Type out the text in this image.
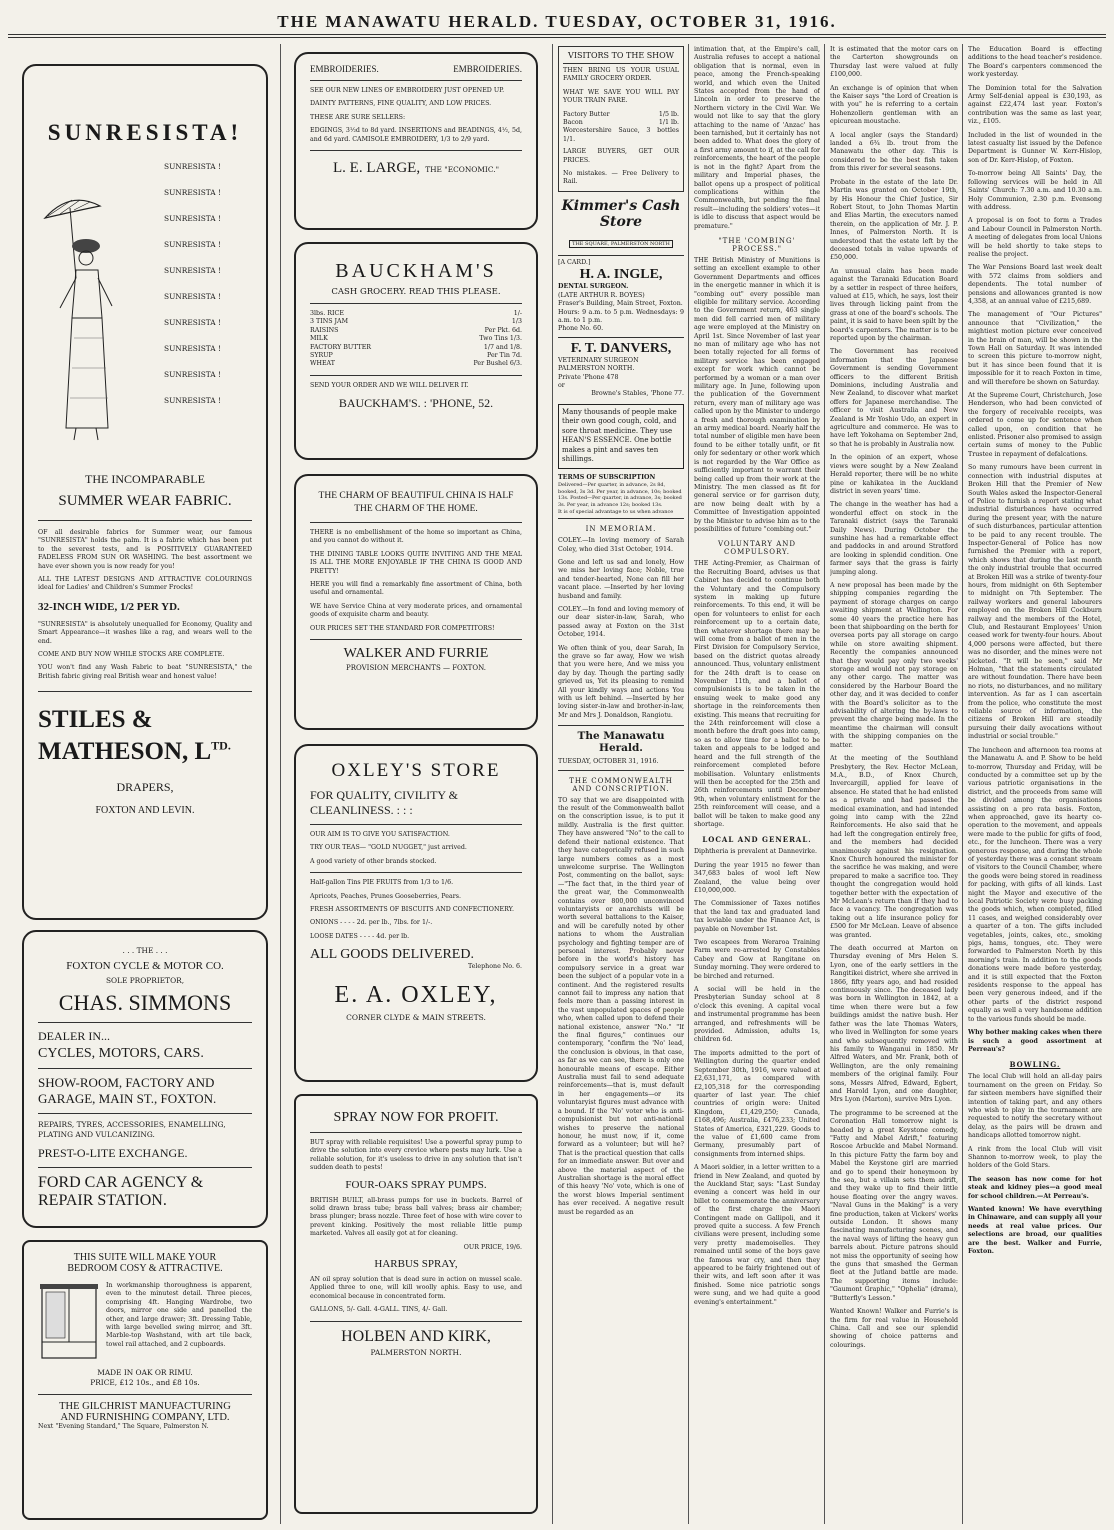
THE MANAWATU HERALD. TUESDAY, OCTOBER 31, 1916.
SUNRESISTA!
SUNRESISTA !
SUNRESISTA !
SUNRESISTA !
SUNRESISTA !
SUNRESISTA !
SUNRESISTA !
SUNRESISTA !
SUNRESISTA !
SUNRESISTA !
SUNRESISTA !
THE INCOMPARABLE
SUMMER WEAR FABRIC.
OF all desirable fabrics for Summer wear, our famous "SUNRESISTA" holds the palm. It is a fabric which has been put to the severest tests, and is POSITIVELY GUARANTEED FADELESS FROM SUN OR WASHING. The best assortment we have ever shown you is now ready for you!
ALL THE LATEST DESIGNS AND ATTRACTIVE COLOURINGS ideal for Ladies' and Children's Summer Frocks!
32-INCH WIDE, 1/2 PER YD.
"SUNRESISTA" is absolutely unequalled for Economy, Quality and Smart Appearance—it washes like a rag, and wears well to the end.
COME AND BUY NOW WHILE STOCKS ARE COMPLETE.
YOU won't find any Wash Fabric to beat "SUNRESISTA," the British fabric giving real British wear and honest value!
STILES &
MATHESON, $L^{TD.}$
DRAPERS,
FOXTON AND LEVIN.
. . . THE . . .
FOXTON CYCLE & MOTOR CO.
SOLE PROPRIETOR,
CHAS. SIMMONS
DEALER IN...
CYCLES, MOTORS, CARS.
SHOW-ROOM, FACTORY AND
GARAGE, MAIN ST., FOXTON.
REPAIRS, TYRES, ACCESSORIES, ENAMELLING, PLATING AND VULCANIZING.
PREST-O-LITE EXCHANGE.
FORD CAR AGENCY &
REPAIR STATION.
THIS SUITE WILL MAKE YOUR
BEDROOM COSY & ATTRACTIVE.
In workmanship thoroughness is apparent, even to the minutest detail. Three pieces, comprising 4ft. Hanging Wardrobe, two doors, mirror one side and panelled the other, and large drawer; 3ft. Dressing Table, with large bevelled swing mirror, and 3ft. Marble-top Washstand, with art tile back, towel rail attached, and 2 cupboards.
MADE IN OAK OR RIMU.
PRICE, £12 10s., and £8 10s.
THE GILCHRIST MANUFACTURING
AND FURNISHING COMPANY, LTD.
Next "Evening Standard," The Square, Palmerston N.
EMBROIDERIES.	EMBROIDERIES.
SEE OUR NEW LINES OF EMBROIDERY JUST OPENED UP.
DAINTY PATTERNS, FINE QUALITY, AND LOW PRICES.
THESE ARE SURE SELLERS:
EDGINGS, 3½d to 8d yard. INSERTIONS and BEADINGS, 4½, 5d, and 6d yard. CAMISOLE EMBROIDERY, 1/3 to 2/9 yard.
L. E. LARGE, THE "ECONOMIC."
BAUCKHAM'S
CASH GROCERY. READ THIS PLEASE.
3lbs. RICE	1/-
3 TINS JAM	1/3
RAISINS	Per Pkt. 6d.
MILK	Two Tins 1/3.
FACTORY BUTTER	1/7 and 1/8.
SYRUP	Per Tin 7d.
WHEAT	Per Bushel 6/3.
SEND YOUR ORDER AND WE WILL DELIVER IT.
BAUCKHAM'S. : 'PHONE, 52.
THE CHARM OF BEAUTIFUL CHINA IS HALF THE CHARM OF THE HOME.
THERE is no embellishment of the home so important as China, and you cannot do without it.
THE DINING TABLE LOOKS QUITE INVITING AND THE MEAL IS ALL THE MORE ENJOYABLE IF THE CHINA IS GOOD AND PRETTY!
HERE you will find a remarkably fine assortment of China, both useful and ornamental.
WE have Service China at very moderate prices, and ornamental goods of exquisite charm and beauty.
OUR PRICES SET THE STANDARD FOR COMPETITORS!
WALKER AND FURRIE
PROVISION MERCHANTS — FOXTON.
OXLEY'S STORE
FOR QUALITY, CIVILITY & CLEANLINESS. : : :
OUR AIM IS TO GIVE YOU SATISFACTION.
TRY OUR TEAS— "GOLD NUGGET," just arrived.
A good variety of other brands stocked.
Half-gallon Tins PIE FRUITS from 1/3 to 1/6.
Apricots, Peaches, Prunes Gooseberries, Pears.
FRESH ASSORTMENTS OF BISCUITS AND CONFECTIONERY.
ONIONS - - - - 2d. per lb., 7lbs. for 1/-.
LOOSE DATES - - - - 4d. per lb.
ALL GOODS DELIVERED.
Telephone No. 6.
E. A. OXLEY,
CORNER CLYDE & MAIN STREETS.
SPRAY NOW FOR PROFIT.
BUT spray with reliable requisites! Use a powerful spray pump to drive the solution into every crevice where pests may lurk. Use a reliable solution, for it's useless to drive in any solution that isn't sudden death to pests!
FOUR-OAKS SPRAY PUMPS.
BRITISH BUILT, all-brass pumps for use in buckets. Barrel of solid drawn brass tube; brass ball valves; brass air chamber; brass plunger; brass nozzle. Three feet of hose with wire cover to prevent kinking. Positively the most reliable little pump marketed. Valves all easily got at for cleaning.
OUR PRICE, 19/6.
HARBUS SPRAY,
AN oil spray solution that is dead sure in action on mussel scale. Applied three to one, will kill woolly aphis. Easy to use, and economical because in concentrated form.
GALLONS, 5/- Gall. 4-GALL. TINS, 4/- Gall.
HOLBEN AND KIRK,
PALMERSTON NORTH.
VISITORS TO THE SHOW
THEN BRING US YOUR USUAL FAMILY GROCERY ORDER.
WHAT WE SAVE YOU WILL PAY YOUR TRAIN FARE.
Factory Butter	1/5 lb.
Bacon	1/1 lb.
Worcestershire Sauce, 3 bottles 1/1.
LARGE BUYERS, GET OUR PRICES.
No mistakes. — Free Delivery to Rail.
Kimmer's Cash Store
THE SQUARE, PALMERSTON NORTH
[A CARD.]
H. A. INGLE,
DENTAL SURGEON.
(LATE ARTHUR R. BOYES)
Fraser's Building, Main Street, Foxton.
Hours: 9 a.m. to 5 p.m. Wednesdays: 9 a.m. to 1 p.m.
Phone No. 60.
F. T. DANVERS,
VETERINARY SURGEON
PALMERSTON NORTH.
Private 'Phone 478
or
Browne's Stables, 'Phone 77.
Many thousands of people make their own good cough, cold, and sore throat medicine. They use HEAN'S ESSENCE. One bottle makes a pint and saves ten shillings.
TERMS OF SUBSCRIPTION
Delivered—Per quarter, in advance, 2s 8d, booked, 3s 3d. Per year, in advance, 10s; booked 13s. Posted—Per quarter, in advance, 3s; booked 3s. Per year, in advance 12s; booked 13s.
It is of special advantage to us when advance
IN MEMORIAM.
COLEY.—In loving memory of Sarah Coley, who died 31st October, 1914.
Gone and left us sad and lonely, How we miss her loving face; Noble, true and tender-hearted, None can fill her vacant place. —Inserted by her loving husband and family.
COLEY.—In fond and loving memory of our dear sister-in-law, Sarah, who passed away at Foxton on the 31st October, 1914.
We often think of you, dear Sarah, In the grave so far away, How we wish that you were here, And we miss you day by day. Though the parting sadly grieved us, Yet its pleasing to remind All your kindly ways and actions You with us left behind. —Inserted by her loving sister-in-law and brother-in-law, Mr and Mrs J. Donaldson, Rangiotu.
The Manawatu Herald.
TUESDAY, OCTOBER 31, 1916.
THE COMMONWEALTH AND CONSCRIPTION.
TO say that we are disappointed with the result of the Commonwealth ballot on the conscription issue, is to put it mildly. Australia is the first quitter. They have answered "No" to the call to defend their national existence. That they have categorically refused in such large numbers comes as a most unwelcome surprise. The Wellington Post, commenting on the ballot, says:—"The fact that, in the third year of the great war, the Commonwealth contains over 800,000 unconvinced voluntaryists or anarchists will be worth several battalions to the Kaiser, and will be carefully noted by other nations to whom the Australian psychology and fighting temper are of personal interest. Probably never before in the world's history has compulsory service in a great war been the subject of a popular vote in a continent. And the registered results cannot fail to impress any nation that feels more than a passing interest in the vast unpopulated spaces of people who, when called upon to defend their national existence, answer "No." "If the final figures," continues our contemporary, "confirm the 'No' lead, the conclusion is obvious, in that case, as far as we can see, there is only one honourable means of escape. Either Australia must fail to send adequate reinforcements—that is, must default in her engagements—or its voluntaryist figures must advance with a bound. If the 'No' voter who is anti-compulsionist but not anti-national wishes to preserve the national honour, he must now, if it, come forward as a volunteer; but will he? That is the practical question that calls for an immediate answer. But over and above the material aspect of the Australian shortage is the moral effect of this heavy 'No' vote, which is one of the worst blows Imperial sentiment has ever received. A negative result must be regarded as an
intimation that, at the Empire's call, Australia refuses to accept a national obligation that is normal, even in peace, among the French-speaking world, and which even the United States accepted from the hand of Lincoln in order to preserve the Northern victory in the Civil War. We would not like to say that the glory attaching to the name of 'Anzac' has been tarnished, but it certainly has not been added to. What does the glory of a first army amount to if, at the call for reinforcements, the heart of the people is not in the fight? Apart from the military and Imperial phases, the ballot opens up a prospect of political complications within the Commonwealth, but pending the final result—including the soldiers' votes—it is idle to discuss that aspect would be premature."
"THE 'COMBING' PROCESS."
THE British Ministry of Munitions is setting an excellent example to other Government Departments and offices in the energetic manner in which it is "combing out" every possible man eligible for military service. According to the Government return, 463 single men did fell carried men of military age were employed at the Ministry on April 1st. Since November of last year no man of military age who has not been totally rejected for all forms of military service has been engaged except for work which cannot be performed by a woman or a man over military age. In June, following upon the publication of the Government return, every man of military age was called upon by the Minister to undergo a fresh and thorough examination by an army medical board. Nearly half the total number of eligible men have been found to be either totally unfit, or fit only for sedentary or other work which is not regarded by the War Office as sufficiently important to warrant their being called up from their work at the Ministry. The men classed as fit for general service or for garrison duty, are now being dealt with by a Committee of Investigation appointed by the Minister to advise him as to the possibilities of future "combing out."
VOLUNTARY AND COMPULSORY.
THE Acting-Premier, as Chairman of the Recruiting Board, advises us that Cabinet has decided to continue both the Voluntary and the Compulsory system in making up future reinforcements. To this end, it will be open for volunteers to enlist for each reinforcement up to a certain date, then whatever shortage there may be will come from a ballot of men in the First Division for Compulsory Service, based on the district quotas already announced. Thus, voluntary enlistment for the 24th draft is to cease on November 11th, and a ballot of compulsionists is to be taken in the ensuing week to make good any shortage in the reinforcements then existing. This means that recruiting for the 24th reinforcement will close a month before the draft goes into camp, so as to allow time for a ballot to be taken and appeals to be lodged and heard and the full strength of the reinforcement completed before mobilisation. Voluntary enlistments will then be accepted for the 25th and 26th reinforcements until December 9th, when voluntary enlistment for the 25th reinforcement will cease, and a ballot will be taken to make good any shortage.
LOCAL AND GENERAL.
Diphtheria is prevalent at Dannevirke.
During the year 1915 no fewer than 347,683 bales of wool left New Zealand, the value being over £10,000,000.
The Commissioner of Taxes notifies that the land tax and graduated land tax leviable under the Finance Act, is payable on November 1st.
Two escapees from Weraroa Training Farm were re-arrested by Constables Cabey and Gow at Rangitane on Sunday morning. They were ordered to be birched and returned.
A social will be held in the Presbyterian Sunday school at 8 o'clock this evening. A capital vocal and instrumental programme has been arranged, and refreshments will be provided. Admission, adults 1s, children 6d.
The imports admitted to the port of Wellington during the quarter ended September 30th, 1916, were valued at £2,631,171, as compared with £2,105,318 for the corresponding quarter of last year. The chief countries of origin were: United Kingdom, £1,429,250; Canada, £168,496; Australia, £476,233; United States of America, £321,229. Goods to the value of £1,600 came from Germany, presumably part of consignments from interned ships.
A Maori soldier, in a letter written to a friend in New Zealand, and quoted by the Auckland Star, says: "Last Sunday evening a concert was held in our billet to commemorate the anniversary of the first charge the Maori Contingent made on Gallipoli, and it proved quite a success. A few French civilians were present, including some very pretty mademoiselles. They remained until some of the boys gave the famous war cry, and then they appeared to be fairly frightened out of their wits, and left soon after it was finished. Some nice patriotic songs were sung, and we had quite a good evening's entertainment."
It is estimated that the motor cars on the Carterton showgrounds on Thursday last were valued at fully £100,000.
An exchange is of opinion that when the Kaiser says "the Lord of Creation is with you" he is referring to a certain Hohenzollern gentleman with an epicurean moustache.
A local angler (says the Standard) landed a 6¾ lb. trout from the Manawatu the other day. This is considered to be the best fish taken from this river for several seasons.
Probate in the estate of the late Dr. Martin was granted on October 19th, by His Honour the Chief Justice, Sir Robert Stout, to John Thomas Martin and Elias Martin, the executors named therein, on the application of Mr. J. P. Innes, of Palmerston North. It is understood that the estate left by the deceased totals in value upwards of £50,000.
An unusual claim has been made against the Taranaki Education Board by a settler in respect of three heifers, valued at £15, which, he says, lost their lives through licking paint from the grass at one of the board's schools. The paint, it is said to have been spilt by the board's carpenters. The matter is to be reported upon by the chairman.
The Government has received information that the Japanese Government is sending Government officers to the different British Dominions, including Australia and New Zealand, to discover what market offers for Japanese merchandise. The officer to visit Australia and New Zealand is Mr Yoshio Udo, an expert in agriculture and commerce. He was to have left Yokohama on September 2nd, so that he is probably in Australia now.
In the opinion of an expert, whose views were sought by a New Zealand Herald reporter, there will be no white pine or kahikatea in the Auckland district in seven years' time.
The change in the weather has had a wonderful effect on stock in the Taranaki district (says the Taranaki Daily News). During October the sunshine has had a remarkable effect and paddocks in and around Stratford are looking in splendid condition. One farmer says that the grass is fairly jumping along.
A new proposal has been made by the shipping companies regarding the payment of storage charges on cargo awaiting shipment at Wellington. For some 40 years the practice here has been that shipboarding on the berth for oversea ports pay all storage on cargo while on store awaiting shipment. Recently the companies announced that they would pay only two weeks' storage and would not pay storage on any other cargo. The matter was considered by the Harbour Board the other day, and it was decided to confer with the Board's solicitor as to the advisability of altering the by-laws to prevent the charge being made. In the meantime the chairman will consult with the shipping companies on the matter.
At the meeting of the Southland Presbytery, the Rev. Hector McLean, M.A., B.D., of Knox Church, Invercargill, applied for leave of absence. He stated that he had enlisted as a private and had passed the medical examination, and had intended going into camp with the 22nd Reinforcements. He also said that he had left the congregation entirely free, and the members had decided unanimously against his resignation. Knox Church honoured the minister for the sacrifice he was making, and were prepared to make a sacrifice too. They thought the congregation would hold together better with the expectation of Mr McLean's return than if they had to face a vacancy. The congregation was taking out a life insurance policy for £500 for Mr McLean. Leave of absence was granted.
The death occurred at Marton on Thursday evening of Mrs Helen S. Lyon, one of the early settlers in the Rangitikei district, where she arrived in 1866, fifty years ago, and had resided continuously since. The deceased lady was born in Wellington in 1842, at a time when there were but a few buildings amidst the native bush. Her father was the late Thomas Waters, who lived in Wellington for some years and who subsequently removed with his family to Wanganui in 1850. Mr Alfred Waters, and Mr. Frank, both of Wellington, are the only remaining members of the original family. Four sons, Messrs Alfred, Edward, Egbert, and Harold Lyon, and one daughter, Mrs Lyon (Marton), survive Mrs Lyon.
The programme to be screened at the Coronation Hall tomorrow night is headed by a great Keystone comedy, "Fatty and Mabel Adrift," featuring Roscoe Arbuckle and Mabel Normand. In this picture Fatty the farm boy and Mabel the Keystone girl are married and go to spend their honeymoon by the sea, but a villain sets them adrift, and they wake up to find their little house floating over the angry waves. "Naval Guns in the Making" is a very fine production, taken at Vickers' works outside London. It shows many fascinating manufacturing scenes, and the naval ways of lifting the heavy gun barrels about. Picture patrons should not miss the opportunity of seeing how the guns that smashed the German fleet at the Jutland battle are made. The supporting items include: "Gaumont Graphic," "Ophelia" (drama), "Butterfly's Lesson."
Wanted Known! Walker and Furrie's is the firm for real value in Household China. Call and see our splendid showing of choice patterns and colourings.
The Education Board is effecting additions to the head teacher's residence. The Board's carpenters commenced the work yesterday.
The Dominion total for the Salvation Army Self-denial appeal is £30,193, as against £22,474 last year. Foxton's contribution was the same as last year, viz., £105.
Included in the list of wounded in the latest casualty list issued by the Defence Department is Gunner W. Kerr-Hislop, son of Dr. Kerr-Hislop, of Foxton.
To-morrow being All Saints' Day, the following services will be held in All Saints' Church: 7.30 a.m. and 10.30 a.m. Holy Communion, 2.30 p.m. Evensong with address.
A proposal is on foot to form a Trades and Labour Council in Palmerston North. A meeting of delegates from local Unions will be held shortly to take steps to realise the project.
The War Pensions Board last week dealt with 572 claims from soldiers and dependents. The total number of pensions and allowances granted is now 4,358, at an annual value of £215,689.
The management of "Our Pictures" announce that "Civilization," the mightiest motion picture ever conceived in the brain of man, will be shown in the Town Hall on Saturday. It was intended to screen this picture to-morrow night, but it has since been found that it is impossible for it to reach Foxton in time, and will therefore be shown on Saturday.
At the Supreme Court, Christchurch, Jose Henderson, who had been convicted of the forgery of receivable receipts, was ordered to come up for sentence when called upon, on condition that he enlisted. Prisoner also promised to assign certain sums of money to the Public Trustee in repayment of defalcations.
So many rumours have been current in connection with industrial disputes at Broken Hill that the Premier of New South Wales asked the Inspector-General of Police to furnish a report stating what industrial disturbances have occurred during the present year, with the nature of such disturbances, particular attention to be paid to any recent trouble. The Inspector-General of Police has now furnished the Premier with a report, which shows that during the last month the only industrial trouble that occurred at Broken Hill was a strike of twenty-four hours, from midnight on 6th September to midnight on 7th September. The railway workers and general labourers employed on the Broken Hill Cockburn railway and the members of the Hotel, Club, and Restaurant Employees' Union ceased work for twenty-four hours. About 4,000 persons were affected, but there was no disorder, and the mines were not picketed. "It will be seen," said Mr Holman, "that the statements circulated are without foundation. There have been no riots, no disturbances, and no military intervention. As far as I can ascertain from the police, who constitute the most reliable source of information, the citizens of Broken Hill are steadily pursuing their daily avocations without industrial or social trouble."
The luncheon and afternoon tea rooms at the Manawatu A. and P. Show to be held to-morrow, Thursday and Friday, will be conducted by a committee set up by the various patriotic organisations in the district, and the proceeds from same will be divided among the organisations assisting on a pro rata basis. Foxton, when approached, gave its hearty co-operation to the movement, and appeals were made to the public for gifts of food, etc., for the luncheon. There was a very generous response, and during the whole of yesterday there was a constant stream of visitors to the Council Chamber, where the goods were being stored in readiness for packing, with gifts of all kinds. Last night the Mayor and executive of the local Patriotic Society were busy packing the goods which, when completed, filled 11 cases, and weighed considerably over a quarter of a ton. The gifts included vegetables, joints, cakes, etc., smoking pigs, hams, tongues, etc. They were forwarded to Palmerston North by this morning's train. In addition to the goods donations were made before yesterday, and it is still expected that the Foxton residents response to the appeal has been very generous indeed, and if the other parts of the district respond equally as well a very handsome addition to the various funds should be made.
Why bother making cakes when there is such a good assortment at Perreau's?
BOWLING.
The local Club will hold an all-day pairs tournament on the green on Friday. So far sixteen members have signified their intention of taking part, and any others who wish to play in the tournament are requested to notify the secretary without delay, as the pairs will be drawn and handicaps allotted tomorrow night.
A rink from the local Club will visit Shannon to-morrow week, to play the holders of the Gold Stars.
The season has now come for hot steak and kidney pies—a good meal for school children.—At Perreau's.
Wanted known! We have everything in Chinaware, and can supply all your needs at real value prices. Our selections are broad, our qualities are the best. Walker and Furrie, Foxton.
